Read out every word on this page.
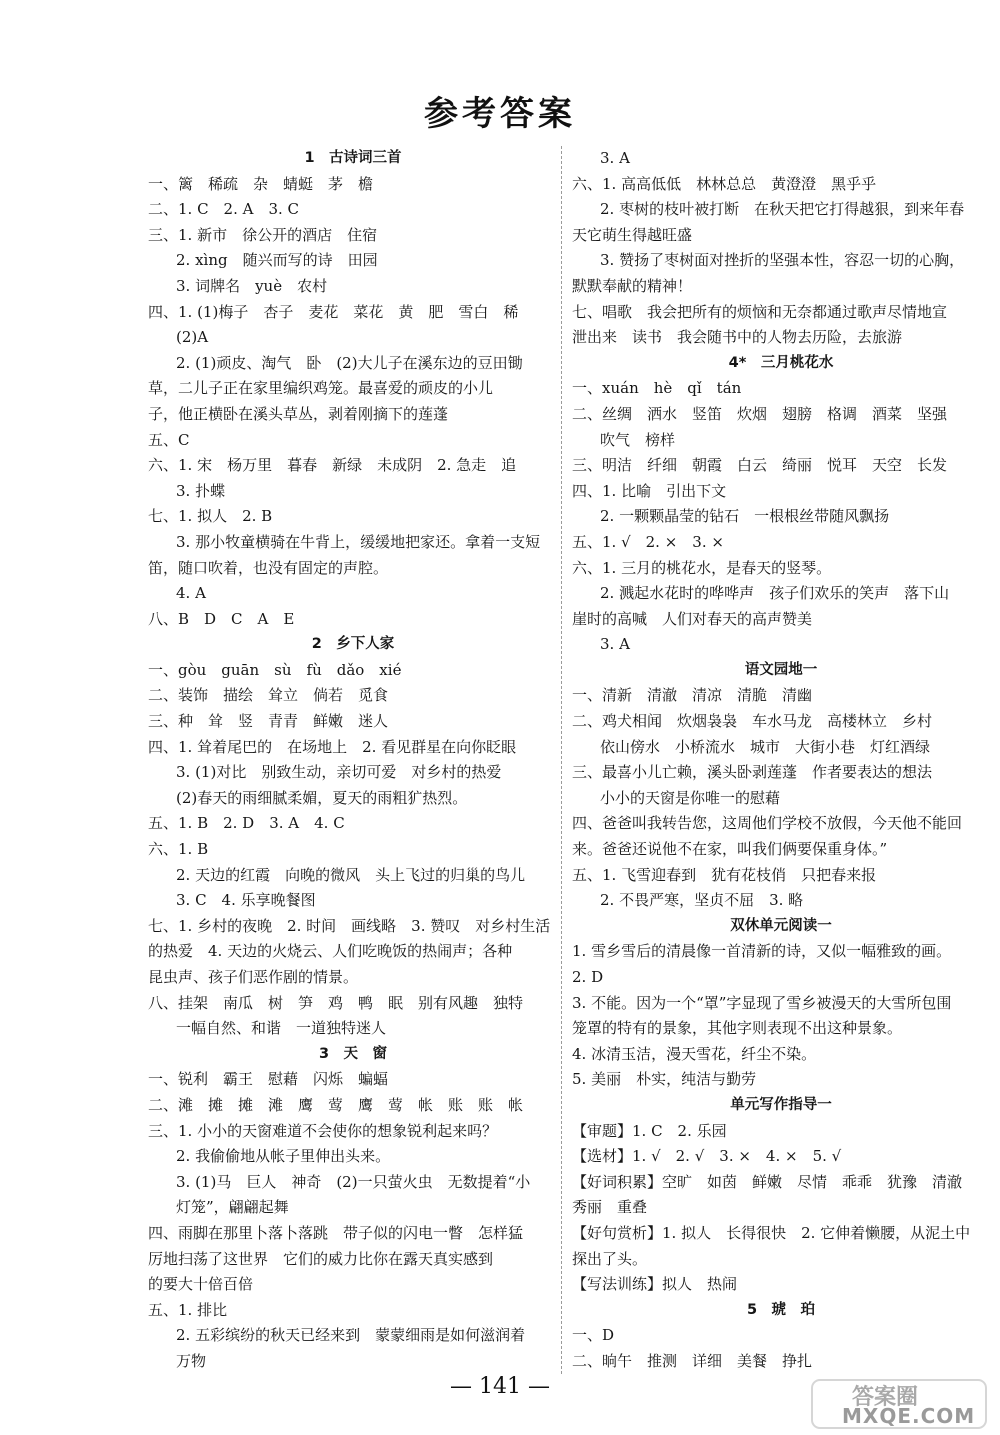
参考答案
1　古诗词三首
一、篱　稀疏　杂　蜻蜓　茅　檐
二、1. C　2. A　3. C
三、1. 新市　徐公开的酒店　住宿
2. xìng　随兴而写的诗　田园
3. 词牌名　yuè　农村
四、1. (1)梅子　杏子　麦花　菜花　黄　肥　雪白　稀
(2)A
2. (1)顽皮、淘气　卧　(2)大儿子在溪东边的豆田锄
草，二儿子正在家里编织鸡笼。最喜爱的顽皮的小儿
子，他正横卧在溪头草丛，剥着刚摘下的莲蓬
五、C
六、1. 宋　杨万里　暮春　新绿　未成阴　2. 急走　追
3. 扑蝶
七、1. 拟人　2. B
3. 那小牧童横骑在牛背上，缓缓地把家还。拿着一支短
笛，随口吹着，也没有固定的声腔。
4. A
八、B　D　C　A　E
2　乡下人家
一、gòu　guān　sù　fù　dǎo　xié
二、装饰　描绘　耸立　倘若　觅食
三、种　耸　竖　青青　鲜嫩　迷人
四、1. 耸着尾巴的　在场地上　2. 看见群星在向你眨眼
3. (1)对比　别致生动，亲切可爱　对乡村的热爱
(2)春天的雨细腻柔媚，夏天的雨粗犷热烈。
五、1. B　2. D　3. A　4. C
六、1. B
2. 天边的红霞　向晚的微风　头上飞过的归巢的鸟儿
3. C　4. 乐享晚餐图
七、1. 乡村的夜晚　2. 时间　画线略　3. 赞叹　对乡村生活
的热爱　4. 天边的火烧云、人们吃晚饭的热闹声；各种
昆虫声、孩子们恶作剧的情景。
八、挂架　南瓜　树　笋　鸡　鸭　眠　别有风趣　独特
一幅自然、和谐　一道独特迷人
3　天　窗
一、锐利　霸王　慰藉　闪烁　蝙蝠
二、滩　摊　摊　滩　鹰　莺　鹰　莺　帐　账　账　帐
三、1. 小小的天窗难道不会使你的想象锐利起来吗？
2. 我偷偷地从帐子里伸出头来。
3. (1)马　巨人　神奇　(2)一只萤火虫　无数提着“小
灯笼”，翩翩起舞
四、雨脚在那里卜落卜落跳　带子似的闪电一瞥　怎样猛
厉地扫荡了这世界　它们的威力比你在露天真实感到
的要大十倍百倍
五、1. 排比
2. 五彩缤纷的秋天已经来到　蒙蒙细雨是如何滋润着
万物
3. A
六、1. 高高低低　林林总总　黄澄澄　黑乎乎
2. 枣树的枝叶被打断　在秋天把它打得越狠，到来年春
天它萌生得越旺盛
3. 赞扬了枣树面对挫折的坚强本性，容忍一切的心胸，
默默奉献的精神！
七、唱歌　我会把所有的烦恼和无奈都通过歌声尽情地宣
泄出来　读书　我会随书中的人物去历险，去旅游
4*　三月桃花水
一、xuán　hè　qǐ　tán
二、丝绸　洒水　竖笛　炊烟　翅膀　格调　酒菜　坚强
吹气　榜样
三、明洁　纤细　朝霞　白云　绮丽　悦耳　天空　长发
四、1. 比喻　引出下文
2. 一颗颗晶莹的钻石　一根根丝带随风飘扬
五、1. √　2. ×　3. ×
六、1. 三月的桃花水，是春天的竖琴。
2. 溅起水花时的哗哗声　孩子们欢乐的笑声　落下山
崖时的高喊　人们对春天的高声赞美
3. A
语文园地一
一、清新　清澈　清凉　清脆　清幽
二、鸡犬相闻　炊烟袅袅　车水马龙　高楼林立　乡村
依山傍水　小桥流水　城市　大街小巷　灯红酒绿
三、最喜小儿亡赖，溪头卧剥莲蓬　作者要表达的想法
小小的天窗是你唯一的慰藉
四、爸爸叫我转告您，这周他们学校不放假，今天他不能回
来。爸爸还说他不在家，叫我们俩要保重身体。”
五、1. 飞雪迎春到　犹有花枝俏　只把春来报
2. 不畏严寒，坚贞不屈　3. 略
双休单元阅读一
1. 雪乡雪后的清晨像一首清新的诗，又似一幅雅致的画。
2. D
3. 不能。因为一个“罩”字显现了雪乡被漫天的大雪所包围
笼罩的特有的景象，其他字则表现不出这种景象。
4. 冰清玉洁，漫天雪花，纤尘不染。
5. 美丽　朴实，纯洁与勤劳
单元写作指导一
【审题】1. C　2. 乐园
【选材】1. √　2. √　3. ×　4. ×　5. √
【好词积累】空旷　如茵　鲜嫩　尽情　乖乖　犹豫　清澈
秀丽　重叠
【好句赏析】1. 拟人　长得很快　2. 它伸着懒腰，从泥土中
探出了头。
【写法训练】拟人　热闹
5　琥　珀
一、D
二、晌午　推测　详细　美餐　挣扎
— 141 —	答案圈
MXQE.COM
